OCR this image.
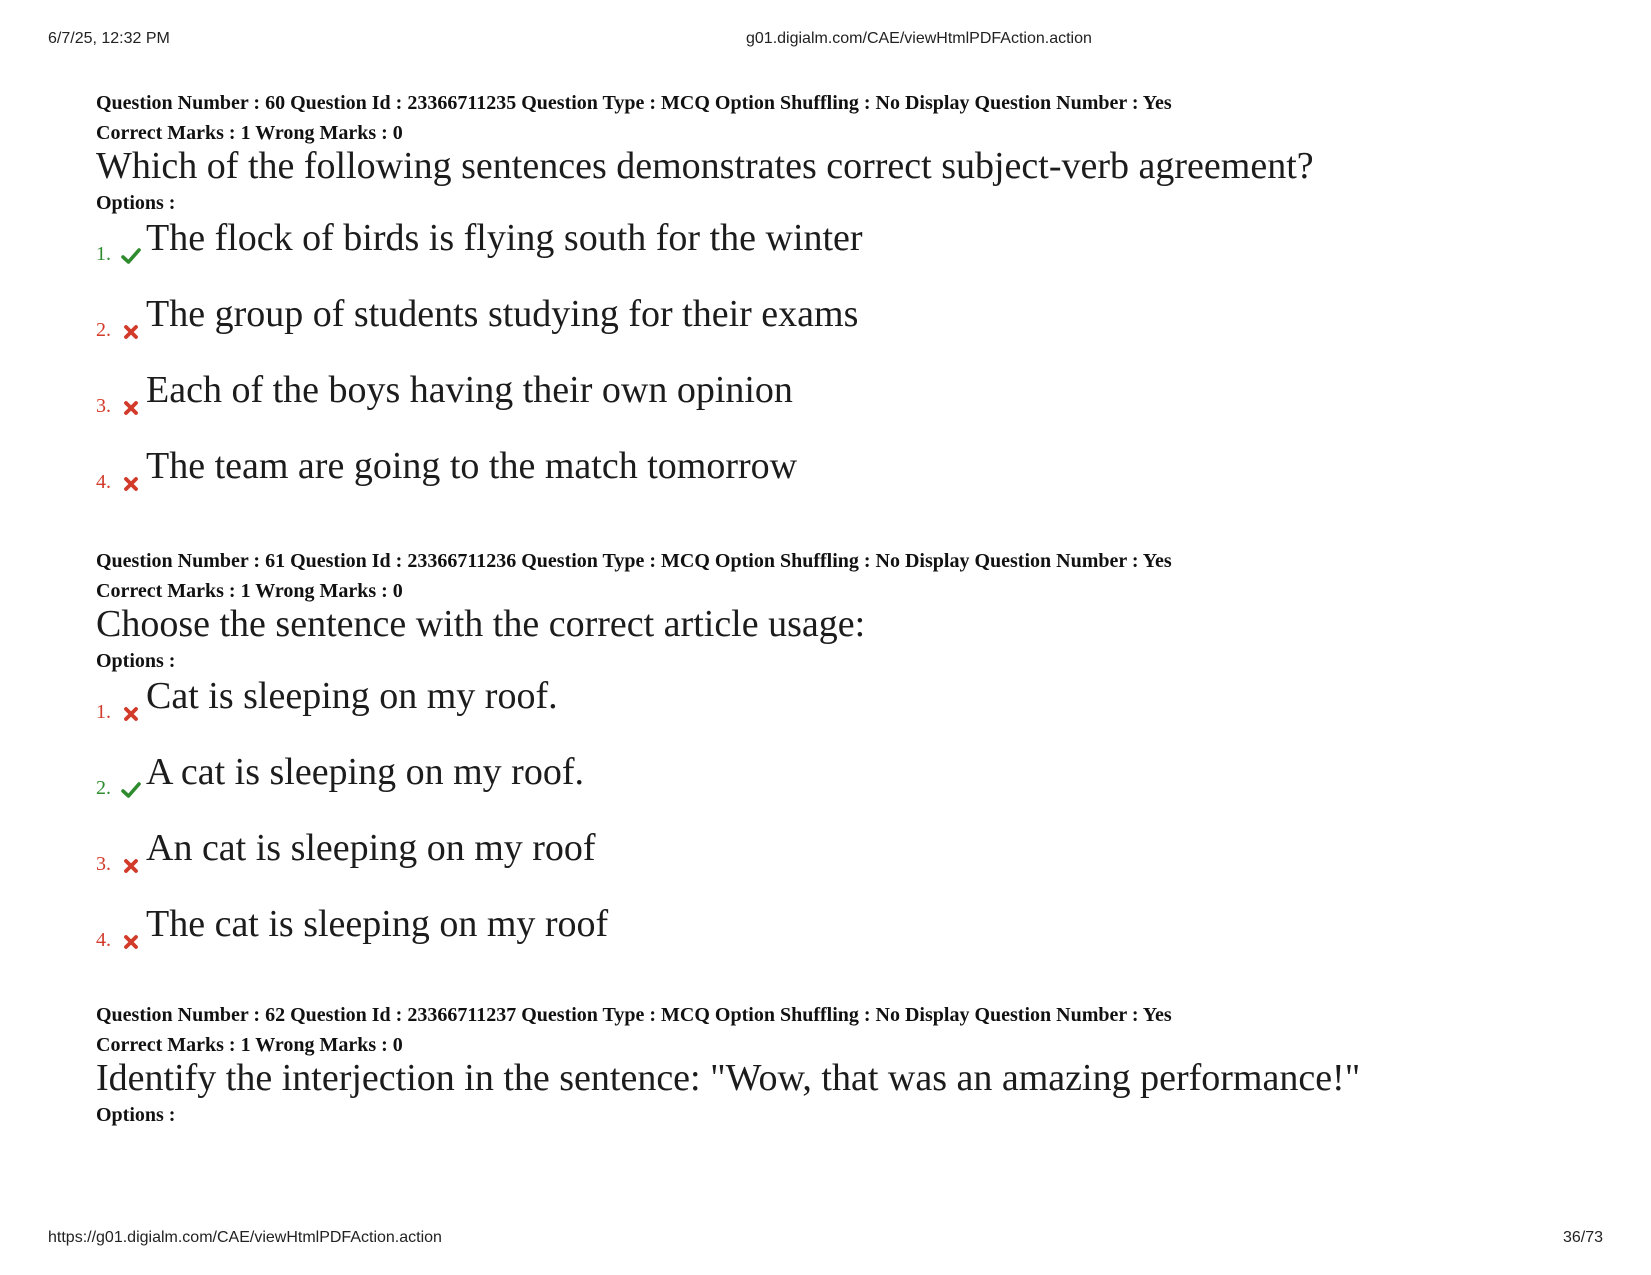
6/7/25, 12:32 PM	g01.digialm.com/CAE/viewHtmlPDFAction.action
Question Number : 60 Question Id : 23366711235 Question Type : MCQ Option Shuffling : No Display Question Number : Yes
Correct Marks : 1 Wrong Marks : 0
Which of the following sentences demonstrates correct subject-verb agreement?
Options :
1. The flock of birds is flying south for the winter
2. The group of students studying for their exams
3. Each of the boys having their own opinion
4. The team are going to the match tomorrow
Question Number : 61 Question Id : 23366711236 Question Type : MCQ Option Shuffling : No Display Question Number : Yes
Correct Marks : 1 Wrong Marks : 0
Choose the sentence with the correct article usage:
Options :
1. Cat is sleeping on my roof.
2. A cat is sleeping on my roof.
3. An cat is sleeping on my roof
4. The cat is sleeping on my roof
Question Number : 62 Question Id : 23366711237 Question Type : MCQ Option Shuffling : No Display Question Number : Yes
Correct Marks : 1 Wrong Marks : 0
Identify the interjection in the sentence: "Wow, that was an amazing performance!"
Options :
https://g01.digialm.com/CAE/viewHtmlPDFAction.action	36/73
